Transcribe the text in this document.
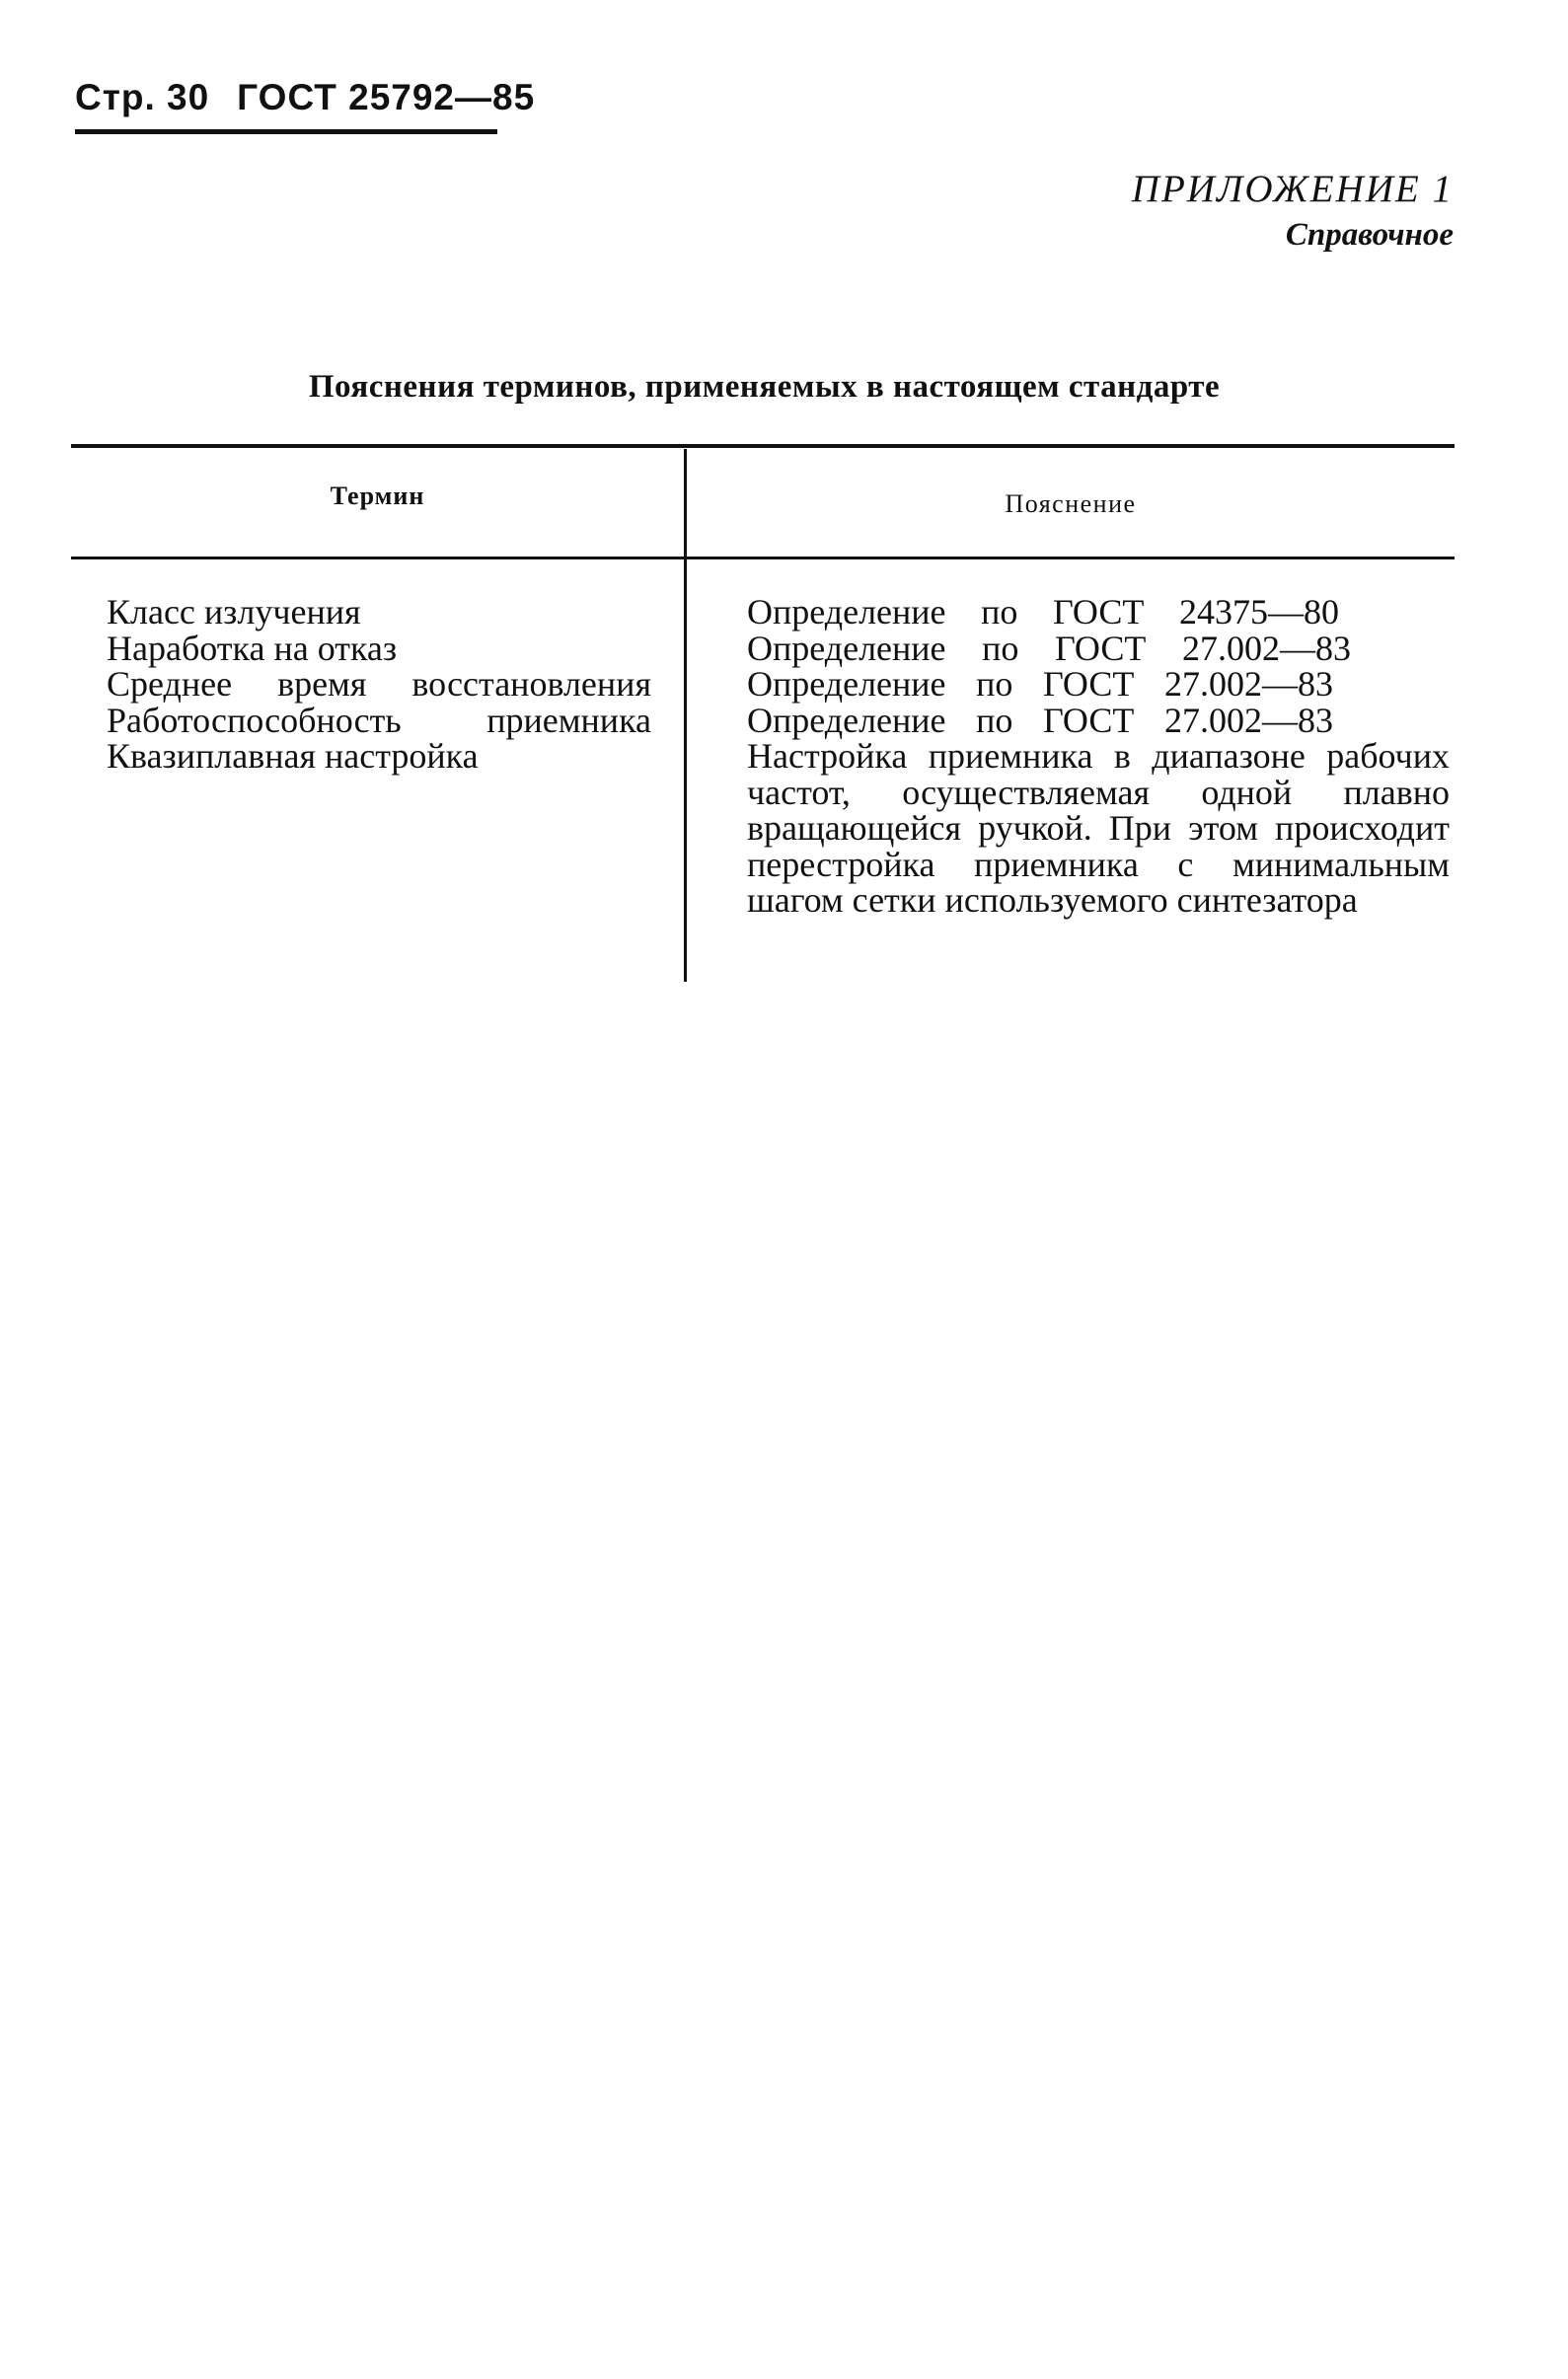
Стр. 30 ГОСТ 25792—85
ПРИЛОЖЕНИЕ 1
Справочное
Пояснения терминов, применяемых в настоящем стандарте
Термин	Пояснение
Класс излучения
Наработка на отказ
Среднее время восстановления
Работоспособность приемника
Квазиплавная настройка
Определение по ГОСТ 24375—80
Определение по ГОСТ 27.002—83
Определение по ГОСТ 27.002—83
Определение по ГОСТ 27.002—83
Настройка приемника в диапазоне рабочих частот, осуществляемая одной плавно вращающейся ручкой. При этом происходит перестройка приемника с минимальным шагом сетки используемого синтезатора
